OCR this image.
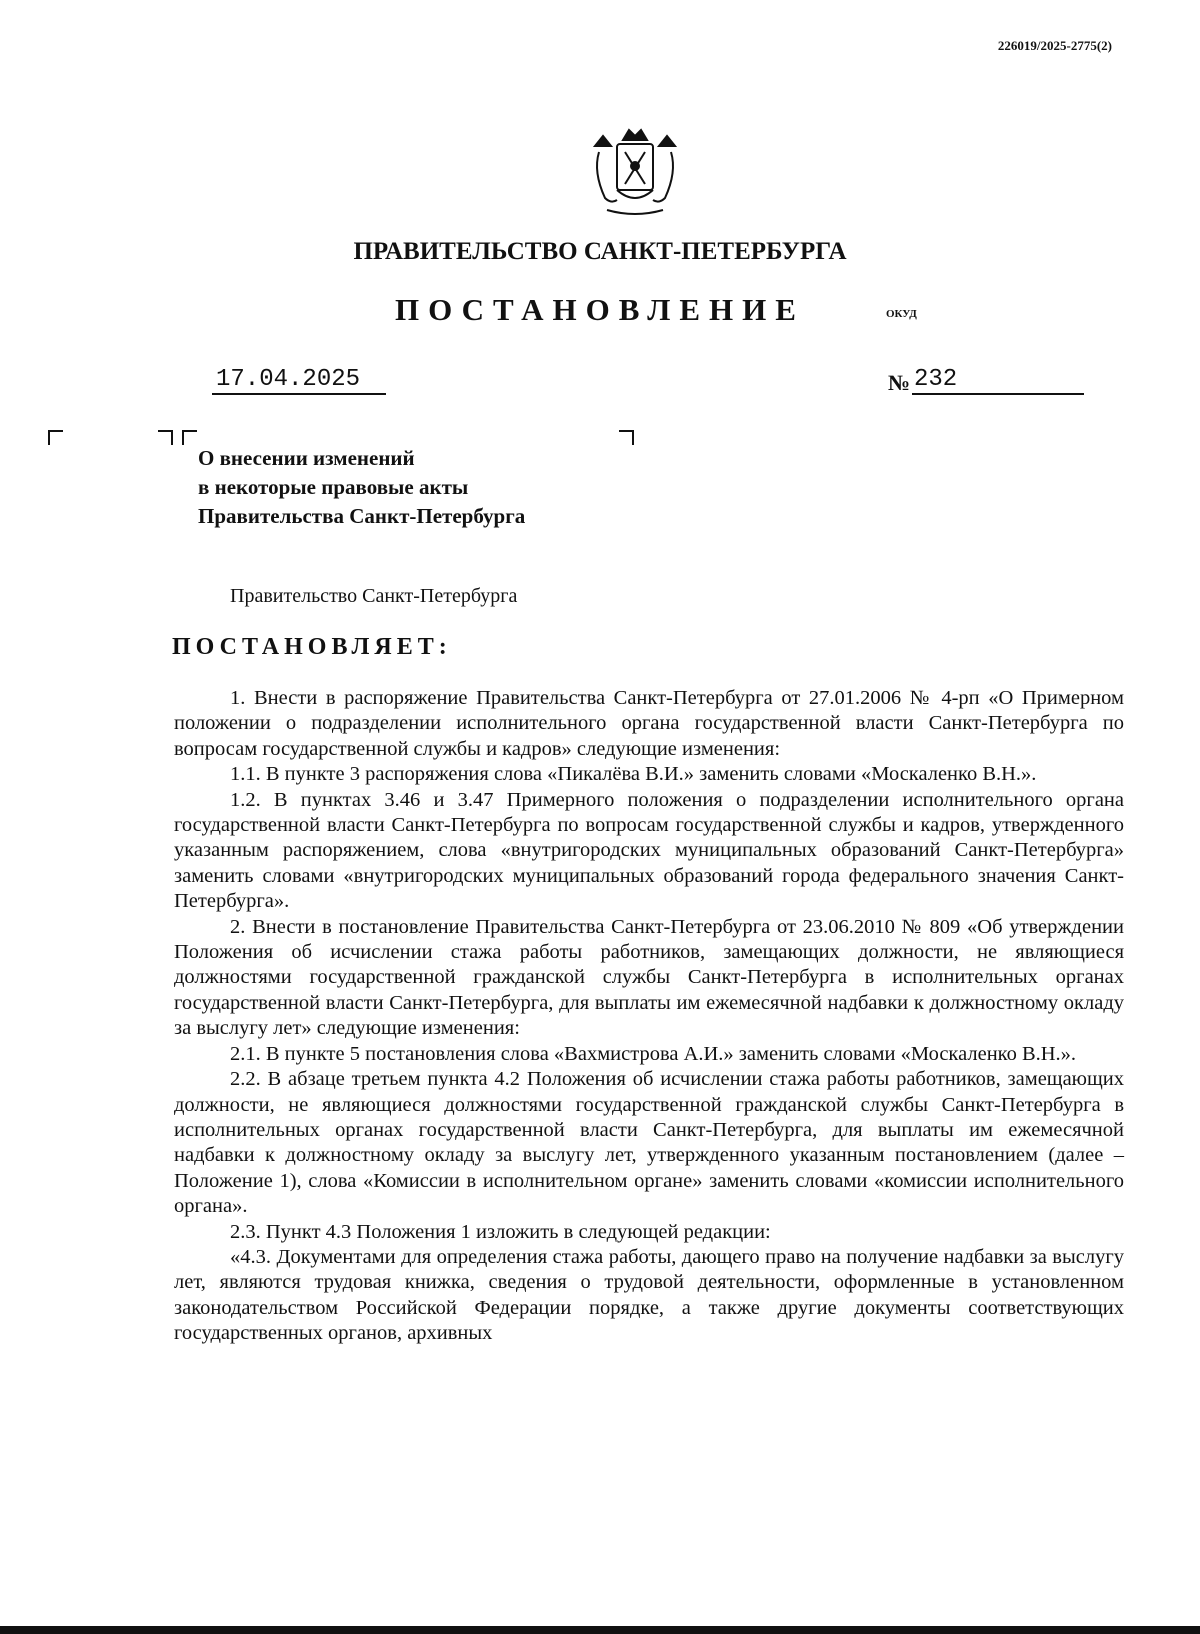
226019/2025-2775(2)
ПРАВИТЕЛЬСТВО САНКТ-ПЕТЕРБУРГА
ПОСТАНОВЛЕНИЕ	ОКУД
17.04.2025	№ 232
О внесении изменений
в некоторые правовые акты
Правительства Санкт-Петербурга
Правительство Санкт-Петербурга
ПОСТАНОВЛЯЕТ:

1. Внести в распоряжение Правительства Санкт-Петербурга от 27.01.2006 № 4-рп «О Примерном положении о подразделении исполнительного органа государственной власти Санкт-Петербурга по вопросам государственной службы и кадров» следующие изменения:

1.1. В пункте 3 распоряжения слова «Пикалёва В.И.» заменить словами «Москаленко В.Н.».

1.2. В пунктах 3.46 и 3.47 Примерного положения о подразделении исполнительного органа государственной власти Санкт-Петербурга по вопросам государственной службы и кадров, утвержденного указанным распоряжением, слова «внутригородских муниципальных образований Санкт-Петербурга» заменить словами «внутригородских муниципальных образований города федерального значения Санкт-Петербурга».

2. Внести в постановление Правительства Санкт-Петербурга от 23.06.2010 № 809 «Об утверждении Положения об исчислении стажа работы работников, замещающих должности, не являющиеся должностями государственной гражданской службы Санкт-Петербурга в исполнительных органах государственной власти Санкт-Петербурга, для выплаты им ежемесячной надбавки к должностному окладу за выслугу лет» следующие изменения:

2.1. В пункте 5 постановления слова «Вахмистрова А.И.» заменить словами «Москаленко В.Н.».

2.2. В абзаце третьем пункта 4.2 Положения об исчислении стажа работы работников, замещающих должности, не являющиеся должностями государственной гражданской службы Санкт-Петербурга в исполнительных органах государственной власти Санкт-Петербурга, для выплаты им ежемесячной надбавки к должностному окладу за выслугу лет, утвержденного указанным постановлением (далее – Положение 1), слова «Комиссии в исполнительном органе» заменить словами «комиссии исполнительного органа».

2.3. Пункт 4.3 Положения 1 изложить в следующей редакции:

«4.3. Документами для определения стажа работы, дающего право на получение надбавки за выслугу лет, являются трудовая книжка, сведения о трудовой деятельности, оформленные в установленном законодательством Российской Федерации порядке, а также другие документы соответствующих государственных органов, архивных
